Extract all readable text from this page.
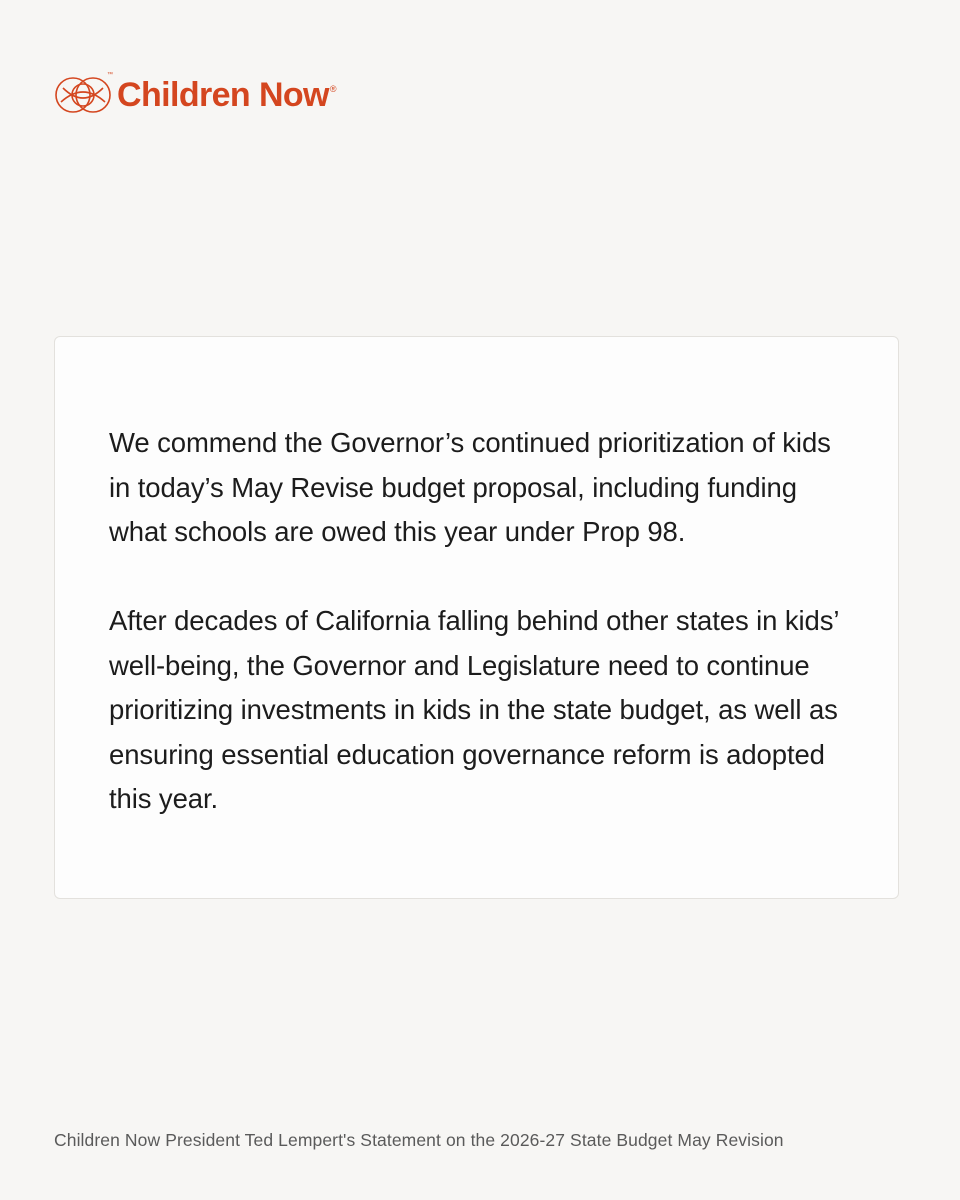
™
Children Now®

We commend the Governor’s continued prioritization of kids in today’s May Revise budget proposal, including funding what schools are owed this year under Prop 98.

After decades of California falling behind other states in kids’ well-being, the Governor and Legislature need to continue prioritizing investments in kids in the state budget, as well as ensuring essential education governance reform is adopted this year.

Children Now President Ted Lempert's Statement on the 2026-27 State Budget May Revision
